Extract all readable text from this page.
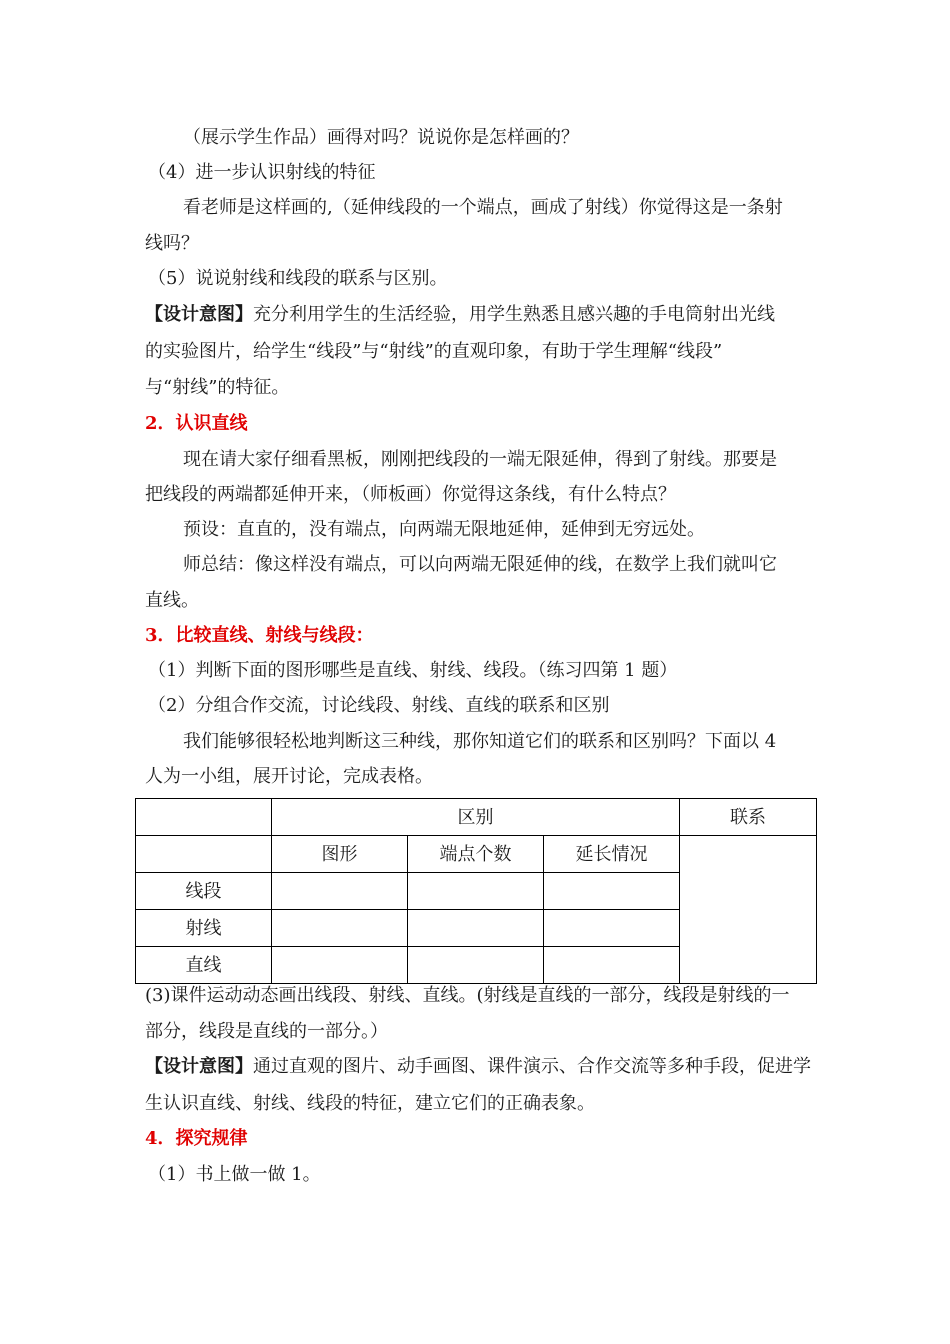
（展示学生作品）画得对吗？说说你是怎样画的？
（4）进一步认识射线的特征
看老师是这样画的,（延伸线段的一个端点，画成了射线）你觉得这是一条射
线吗？
（5）说说射线和线段的联系与区别。
【设计意图】充分利用学生的生活经验，用学生熟悉且感兴趣的手电筒射出光线
的实验图片，给学生“线段”与“射线”的直观印象，有助于学生理解“线段”
与“射线”的特征。
2．认识直线
现在请大家仔细看黑板，刚刚把线段的一端无限延伸，得到了射线。那要是
把线段的两端都延伸开来，（师板画）你觉得这条线，有什么特点？
预设：直直的，没有端点，向两端无限地延伸，延伸到无穷远处。
师总结：像这样没有端点，可以向两端无限延伸的线，在数学上我们就叫它
直线。
3．比较直线、射线与线段：
（1）判断下面的图形哪些是直线、射线、线段。（练习四第 1 题）
（2）分组合作交流，讨论线段、射线、直线的联系和区别
我们能够很轻松地判断这三种线，那你知道它们的联系和区别吗？下面以 4
人为一小组，展开讨论，完成表格。
	区别			联系
	图形	端点个数	延长情况	
线段				
射线				
直线				
(3)课件运动动态画出线段、射线、直线。(射线是直线的一部分，线段是射线的一
部分，线段是直线的一部分。）
【设计意图】通过直观的图片、动手画图、课件演示、合作交流等多种手段，促进学
生认识直线、射线、线段的特征，建立它们的正确表象。
4．探究规律
（1）书上做一做 1。
